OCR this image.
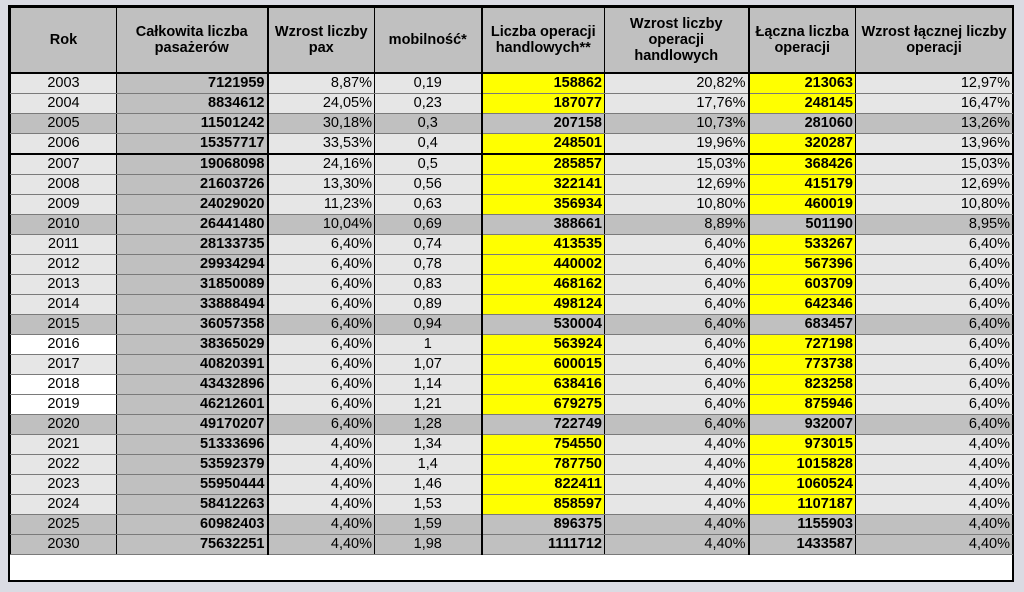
Rok	Całkowita liczba pasażerów	Wzrost liczby pax	mobilność*	Liczba operacji handlowych**	Wzrost liczby operacji handlowych	Łączna liczba operacji	Wzrost łącznej liczby operacji
2003	7121959	8,87%	0,19	158862	20,82%	213063	12,97%
2004	8834612	24,05%	0,23	187077	17,76%	248145	16,47%
2005	11501242	30,18%	0,3	207158	10,73%	281060	13,26%
2006	15357717	33,53%	0,4	248501	19,96%	320287	13,96%
2007	19068098	24,16%	0,5	285857	15,03%	368426	15,03%
2008	21603726	13,30%	0,56	322141	12,69%	415179	12,69%
2009	24029020	11,23%	0,63	356934	10,80%	460019	10,80%
2010	26441480	10,04%	0,69	388661	8,89%	501190	8,95%
2011	28133735	6,40%	0,74	413535	6,40%	533267	6,40%
2012	29934294	6,40%	0,78	440002	6,40%	567396	6,40%
2013	31850089	6,40%	0,83	468162	6,40%	603709	6,40%
2014	33888494	6,40%	0,89	498124	6,40%	642346	6,40%
2015	36057358	6,40%	0,94	530004	6,40%	683457	6,40%
2016	38365029	6,40%	1	563924	6,40%	727198	6,40%
2017	40820391	6,40%	1,07	600015	6,40%	773738	6,40%
2018	43432896	6,40%	1,14	638416	6,40%	823258	6,40%
2019	46212601	6,40%	1,21	679275	6,40%	875946	6,40%
2020	49170207	6,40%	1,28	722749	6,40%	932007	6,40%
2021	51333696	4,40%	1,34	754550	4,40%	973015	4,40%
2022	53592379	4,40%	1,4	787750	4,40%	1015828	4,40%
2023	55950444	4,40%	1,46	822411	4,40%	1060524	4,40%
2024	58412263	4,40%	1,53	858597	4,40%	1107187	4,40%
2025	60982403	4,40%	1,59	896375	4,40%	1155903	4,40%
2030	75632251	4,40%	1,98	1111712	4,40%	1433587	4,40%
